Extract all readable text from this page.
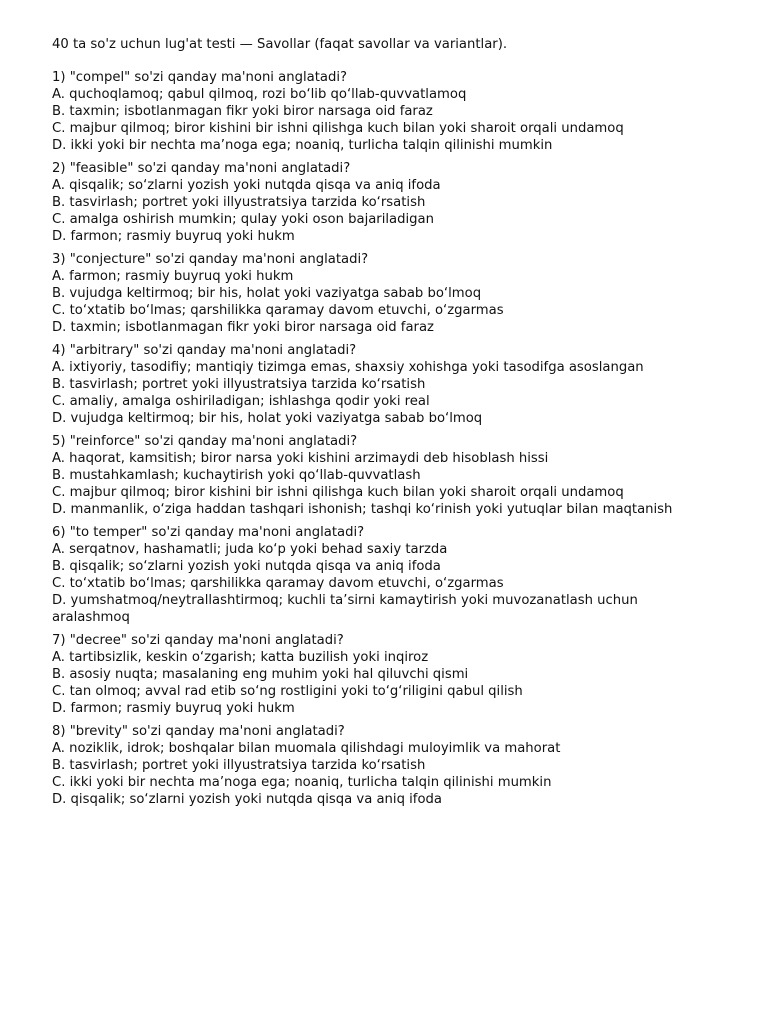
40 ta so'z uchun lug'at testi — Savollar (faqat savollar va variantlar).

1) "compel" so'zi qanday ma'noni anglatadi?

A. quchoqlamoq; qabul qilmoq, rozi bo‘lib qo‘llab-quvvatlamoq

B. taxmin; isbotlanmagan fikr yoki biror narsaga oid faraz

C. majbur qilmoq; biror kishini bir ishni qilishga kuch bilan yoki sharoit orqali undamoq

D. ikki yoki bir nechta ma’noga ega; noaniq, turlicha talqin qilinishi mumkin

2) "feasible" so'zi qanday ma'noni anglatadi?

A. qisqalik; so‘zlarni yozish yoki nutqda qisqa va aniq ifoda

B. tasvirlash; portret yoki illyustratsiya tarzida ko‘rsatish

C. amalga oshirish mumkin; qulay yoki oson bajariladigan

D. farmon; rasmiy buyruq yoki hukm

3) "conjecture" so'zi qanday ma'noni anglatadi?

A. farmon; rasmiy buyruq yoki hukm

B. vujudga keltirmoq; bir his, holat yoki vaziyatga sabab bo‘lmoq

C. to‘xtatib bo‘lmas; qarshilikka qaramay davom etuvchi, o‘zgarmas

D. taxmin; isbotlanmagan fikr yoki biror narsaga oid faraz

4) "arbitrary" so'zi qanday ma'noni anglatadi?

A. ixtiyoriy, tasodifiy; mantiqiy tizimga emas, shaxsiy xohishga yoki tasodifga asoslangan

B. tasvirlash; portret yoki illyustratsiya tarzida ko‘rsatish

C. amaliy, amalga oshiriladigan; ishlashga qodir yoki real

D. vujudga keltirmoq; bir his, holat yoki vaziyatga sabab bo‘lmoq

5) "reinforce" so'zi qanday ma'noni anglatadi?

A. haqorat, kamsitish; biror narsa yoki kishini arzimaydi deb hisoblash hissi

B. mustahkamlash; kuchaytirish yoki qo‘llab-quvvatlash

C. majbur qilmoq; biror kishini bir ishni qilishga kuch bilan yoki sharoit orqali undamoq

D. manmanlik, o‘ziga haddan tashqari ishonish; tashqi ko‘rinish yoki yutuqlar bilan maqtanish

6) "to temper" so'zi qanday ma'noni anglatadi?

A. serqatnov, hashamatli; juda ko‘p yoki behad saxiy tarzda

B. qisqalik; so‘zlarni yozish yoki nutqda qisqa va aniq ifoda

C. to‘xtatib bo‘lmas; qarshilikka qaramay davom etuvchi, o‘zgarmas

D. yumshatmoq/neytrallashtirmoq; kuchli ta’sirni kamaytirish yoki muvozanatlash uchun aralashmoq

7) "decree" so'zi qanday ma'noni anglatadi?

A. tartibsizlik, keskin o‘zgarish; katta buzilish yoki inqiroz

B. asosiy nuqta; masalaning eng muhim yoki hal qiluvchi qismi

C. tan olmoq; avval rad etib so‘ng rostligini yoki to‘g‘riligini qabul qilish

D. farmon; rasmiy buyruq yoki hukm

8) "brevity" so'zi qanday ma'noni anglatadi?

A. noziklik, idrok; boshqalar bilan muomala qilishdagi muloyimlik va mahorat

B. tasvirlash; portret yoki illyustratsiya tarzida ko‘rsatish

C. ikki yoki bir nechta ma’noga ega; noaniq, turlicha talqin qilinishi mumkin

D. qisqalik; so‘zlarni yozish yoki nutqda qisqa va aniq ifoda
